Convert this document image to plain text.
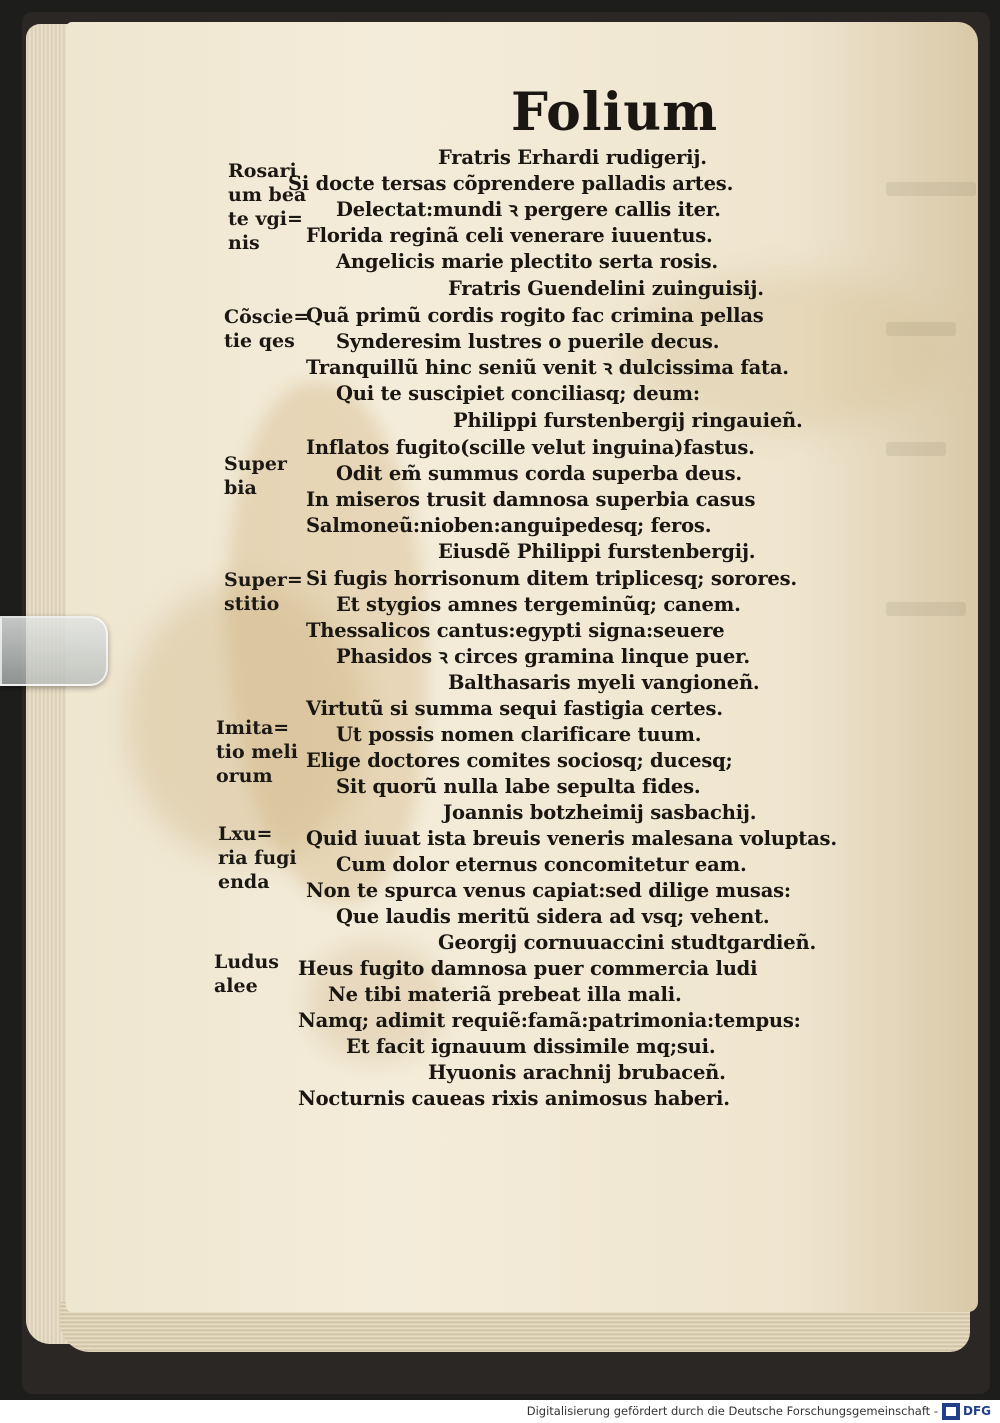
Folium
Rosari
um bea
te vgi=
nis
Cõscie=
tie qes
Super
bia
Super=
stitio
Imita=
tio meli
orum
Lxu=
ria fugi
enda
Ludus
alee
Fratris Erhardi rudigerij.
Si docte tersas cõprendere palladis artes.
Delectat:mundi ꝛ pergere callis iter.
Florida reginã celi venerare iuuentus.
Angelicis marie plectito serta rosis.
Fratris Guendelini zuinguisij.
Quã primũ cordis rogito fac crimina pellas
Synderesim lustres o puerile decus.
Tranquillũ hinc seniũ venit ꝛ dulcissima fata.
Qui te suscipiet conciliasq; deum:
Philippi furstenbergij ringauieñ.
Inflatos fugito(scille velut inguina)fastus.
Odit em̃ summus corda superba deus.
In miseros trusit damnosa superbia casus
Salmoneũ:nioben:anguipedesq; feros.
Eiusdẽ Philippi furstenbergij.
Si fugis horrisonum ditem triplicesq; sorores.
Et stygios amnes tergeminũq; canem.
Thessalicos cantus:egypti signa:seuere
Phasidos ꝛ circes gramina linque puer.
Balthasaris myeli vangioneñ.
Virtutũ si summa sequi fastigia certes.
Ut possis nomen clarificare tuum.
Elige doctores comites sociosq; ducesq;
Sit quorũ nulla labe sepulta fides.
Joannis botzheimij sasbachij.
Quid iuuat ista breuis veneris malesana voluptas.
Cum dolor eternus concomitetur eam.
Non te spurca venus capiat:sed dilige musas:
Que laudis meritũ sidera ad vsq; vehent.
Georgij cornuuaccini studtgardieñ.
Heus fugito damnosa puer commercia ludi
Ne tibi materiã prebeat illa mali.
Namq; adimit requiẽ:famã:patrimonia:tempus:
Et facit ignauum dissimile mq;sui.
Hyuonis arachnij brubaceñ.
Nocturnis caueas rixis animosus haberi.
Digitalisierung gefördert durch die Deutsche Forschungsgemeinschaft - DFG
